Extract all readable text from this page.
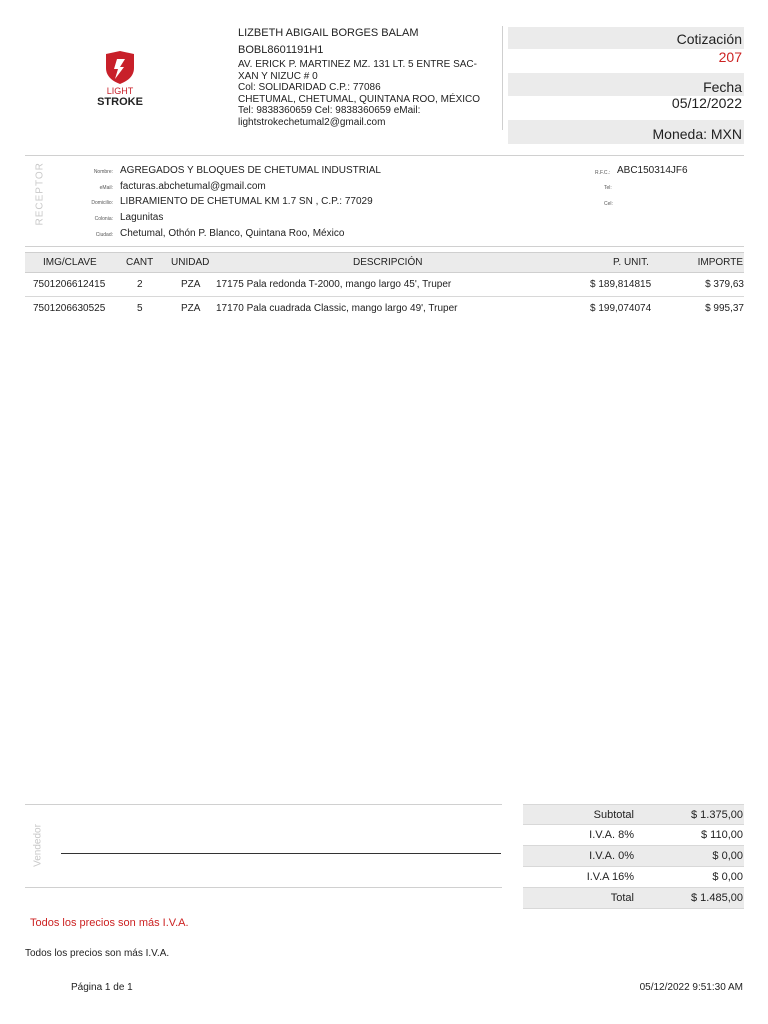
LIGHT
STROKE
LIZBETH ABIGAIL BORGES BALAM
BOBL8601191H1
AV. ERICK P. MARTINEZ MZ. 131 LT. 5 ENTRE SAC-
XAN Y NIZUC # 0
Col: SOLIDARIDAD C.P.: 77086
CHETUMAL, CHETUMAL, QUINTANA ROO, MÉXICO
Tel: 9838360659 Cel: 9838360659 eMail:
lightstrokechetumal2@gmail.com
Cotización
207
Fecha
05/12/2022
Moneda: MXN
RECEPTOR	Nombre: AGREGADOS Y BLOQUES DE CHETUMAL INDUSTRIAL
eMail: facturas.abchetumal@gmail.com
Domicilio: LIBRAMIENTO DE CHETUMAL KM 1.7 SN , C.P.: 77029
Colonia: Lagunitas
Ciudad: Chetumal, Othón P. Blanco, Quintana Roo, México
R.F.C.: ABC150314JF6
Tel:
Cel:
IMG/CLAVE	CANT UNIDAD	DESCRIPCIÓN	P. UNIT.	IMPORTE
7501206612415	2	PZA 17175 Pala redonda T-2000, mango largo 45', Truper	$ 189,814815	$ 379,63
7501206630525	5	PZA 17170 Pala cuadrada Classic, mango largo 49', Truper	$ 199,074074	$ 995,37
Vendedor
Subtotal	$ 1.375,00
I.V.A. 8%	$ 110,00
I.V.A. 0%	$ 0,00
I.V.A 16%	$ 0,00
Total	$ 1.485,00
Todos los precios son más I.V.A.
Todos los precios son más I.V.A.
Página 1 de 1	05/12/2022 9:51:30 AM
